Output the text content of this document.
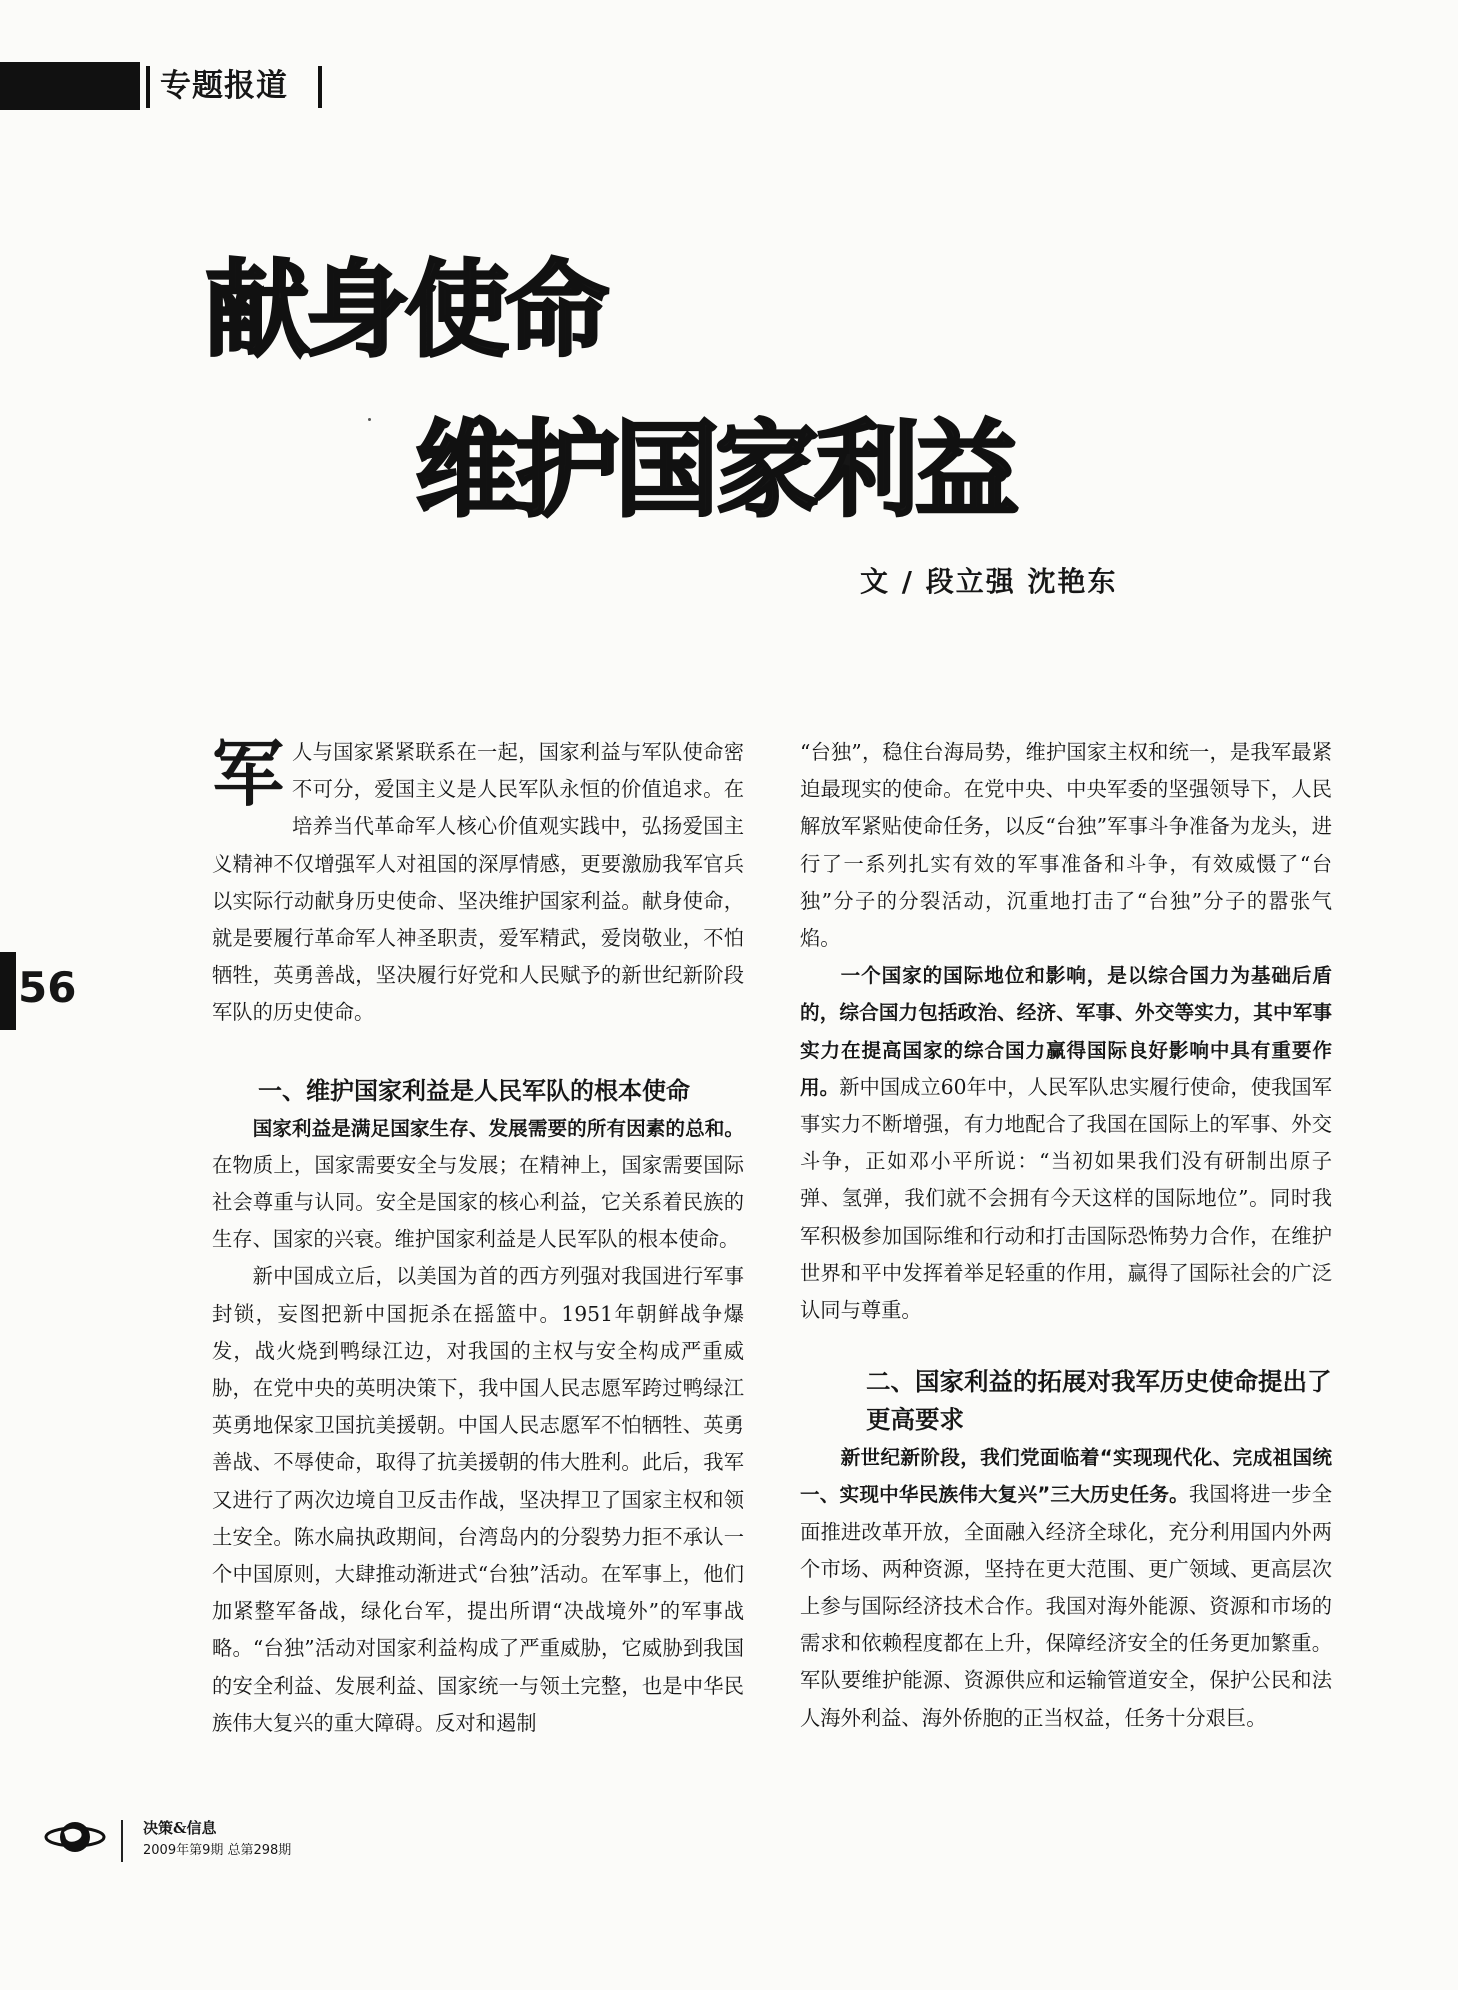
专题报道
献身使命
维护国家利益
文 / 段立强 沈艳东
56

军人与国家紧紧联系在一起，国家利益与军队使命密不可分，爱国主义是人民军队永恒的价值追求。在培养当代革命军人核心价值观实践中，弘扬爱国主义精神不仅增强军人对祖国的深厚情感，更要激励我军官兵以实际行动献身历史使命、坚决维护国家利益。献身使命，就是要履行革命军人神圣职责，爱军精武，爱岗敬业，不怕牺牲，英勇善战，坚决履行好党和人民赋予的新世纪新阶段军队的历史使命。

一、维护国家利益是人民军队的根本使命

国家利益是满足国家生存、发展需要的所有因素的总和。在物质上，国家需要安全与发展；在精神上，国家需要国际社会尊重与认同。安全是国家的核心利益，它关系着民族的生存、国家的兴衰。维护国家利益是人民军队的根本使命。

新中国成立后，以美国为首的西方列强对我国进行军事封锁，妄图把新中国扼杀在摇篮中。1951年朝鲜战争爆发，战火烧到鸭绿江边，对我国的主权与安全构成严重威胁，在党中央的英明决策下，我中国人民志愿军跨过鸭绿江英勇地保家卫国抗美援朝。中国人民志愿军不怕牺牲、英勇善战、不辱使命，取得了抗美援朝的伟大胜利。此后，我军又进行了两次边境自卫反击作战，坚决捍卫了国家主权和领土安全。陈水扁执政期间，台湾岛内的分裂势力拒不承认一个中国原则，大肆推动渐进式“台独”活动。在军事上，他们加紧整军备战，绿化台军，提出所谓“决战境外”的军事战略。“台独”活动对国家利益构成了严重威胁，它威胁到我国的安全利益、发展利益、国家统一与领土完整，也是中华民族伟大复兴的重大障碍。反对和遏制

“台独”，稳住台海局势，维护国家主权和统一，是我军最紧迫最现实的使命。在党中央、中央军委的坚强领导下，人民解放军紧贴使命任务，以反“台独”军事斗争准备为龙头，进行了一系列扎实有效的军事准备和斗争，有效威慑了“台独”分子的分裂活动，沉重地打击了“台独”分子的嚣张气焰。

一个国家的国际地位和影响，是以综合国力为基础后盾的，综合国力包括政治、经济、军事、外交等实力，其中军事实力在提高国家的综合国力赢得国际良好影响中具有重要作用。新中国成立60年中，人民军队忠实履行使命，使我国军事实力不断增强，有力地配合了我国在国际上的军事、外交斗争，正如邓小平所说：“当初如果我们没有研制出原子弹、氢弹，我们就不会拥有今天这样的国际地位”。同时我军积极参加国际维和行动和打击国际恐怖势力合作，在维护世界和平中发挥着举足轻重的作用，赢得了国际社会的广泛认同与尊重。

二、国家利益的拓展对我军历史使命提出了更高要求

新世纪新阶段，我们党面临着“实现现代化、完成祖国统一、实现中华民族伟大复兴”三大历史任务。我国将进一步全面推进改革开放，全面融入经济全球化，充分利用国内外两个市场、两种资源，坚持在更大范围、更广领域、更高层次上参与国际经济技术合作。我国对海外能源、资源和市场的需求和依赖程度都在上升，保障经济安全的任务更加繁重。军队要维护能源、资源供应和运输管道安全，保护公民和法人海外利益、海外侨胞的正当权益，任务十分艰巨。

决策&信息
2009年第9期 总第298期
